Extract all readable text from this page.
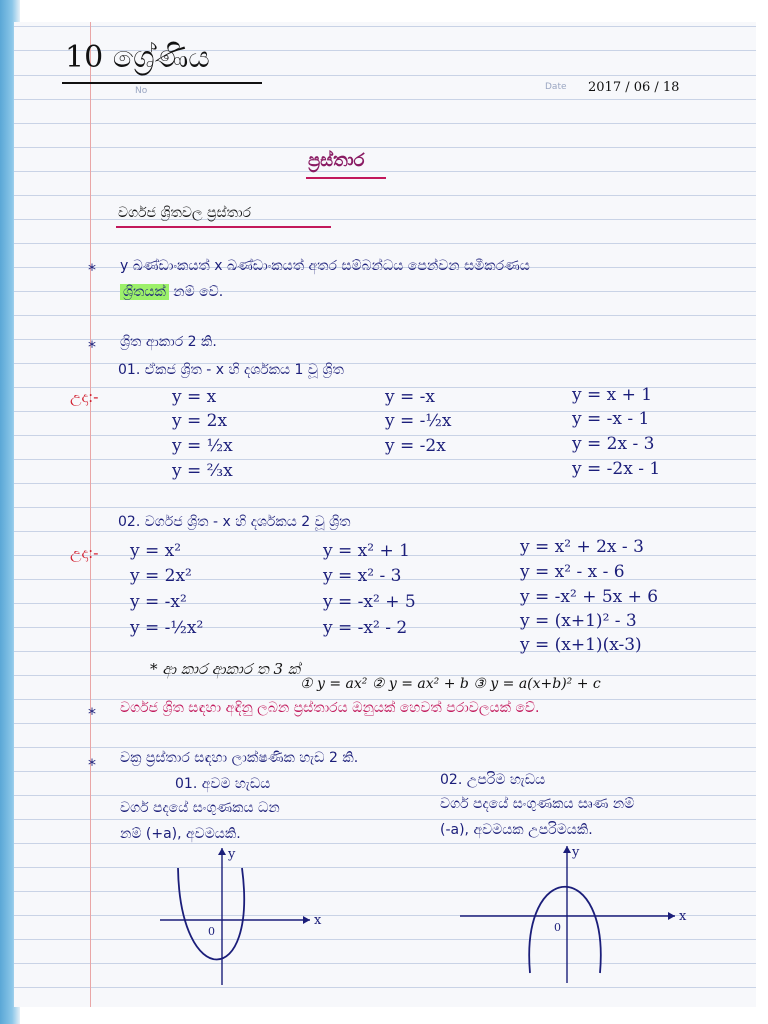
10 ශ්‍රේණිය
No	Date 2017 / 06 / 18
ප්‍රස්තාර
වර්ගජ ශ්‍රිතවල ප්‍රස්තාර
* y ඛණ්ඩාංකයත් x ඛණ්ඩාංකයත් අතර සම්බන්ධය පෙන්වන සමීකරණය
ශ්‍රිතයක් නම් වේ.
* ශ්‍රිත ආකාර 2 කි.
01. ඒකජ ශ්‍රිත - x හි දර්ශකය 1 වූ ශ්‍රිත
උදා:-	y = x
y = 2x
y = ½x
y = ⅔x
y = -x
y = -½x
y = -2x
y = x + 1
y = -x - 1
y = 2x - 3
y = -2x - 1
02. වර්ගජ ශ්‍රිත - x හි දර්ශකය 2 වූ ශ්‍රිත
උදා:- y = x²
y = 2x²
y = -x²
y = -½x²
y = x² + 1
y = x² - 3
y = -x² + 5
y = -x² - 2
y = x² + 2x - 3
y = x² - x - 6
y = -x² + 5x + 6
y = (x+1)² - 3
y = (x+1)(x-3)
* ආ කාර ආකාර ත 3 ක්
① y = ax² ② y = ax² + b ③ y = a(x+b)² + c
* වර්ගජ ශ්‍රිත සඳහා අඳිනු ලබන ප්‍රස්තාරය ඔනුයක් හෙවත් පරාවලයක් වේ.
* වක්‍ර ප්‍රස්තාර සඳහා ලාක්ෂණික හැඩ 2 කි.
01. අවම හැඩය
වර්ග පදයේ සංගුණකය ධන
නම් (+a), අවමයකි.
02. උපරිම හැඩය
වර්ග පදයේ සංගුණකය සෘණ නම්
(-a), අවමයක උපරිමයකි.
y
x
0
y
x
0
